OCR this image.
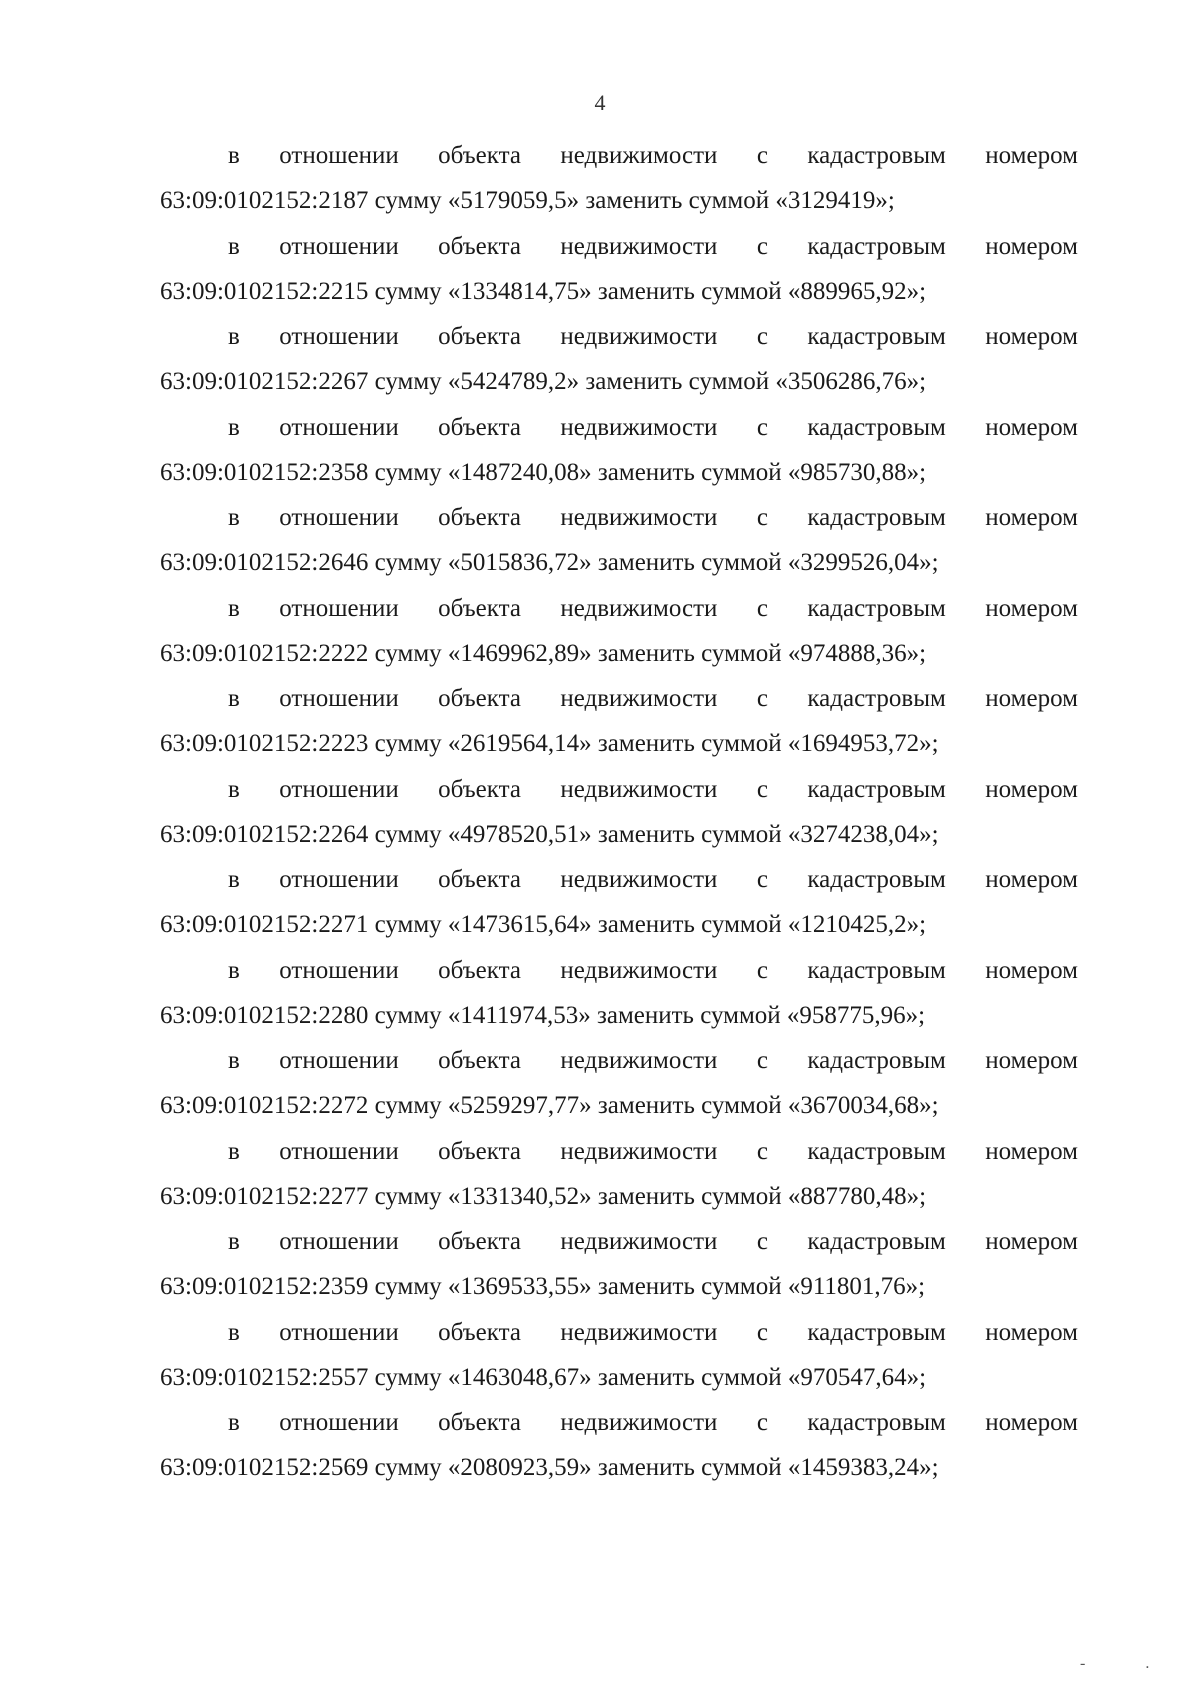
4
в отношении объекта недвижимости с кадастровым номером
63:09:0102152:2187 сумму «5179059,5» заменить суммой «3129419»;
в отношении объекта недвижимости с кадастровым номером
63:09:0102152:2215 сумму «1334814,75» заменить суммой «889965,92»;
в отношении объекта недвижимости с кадастровым номером
63:09:0102152:2267 сумму «5424789,2» заменить суммой «3506286,76»;
в отношении объекта недвижимости с кадастровым номером
63:09:0102152:2358 сумму «1487240,08» заменить суммой «985730,88»;
в отношении объекта недвижимости с кадастровым номером
63:09:0102152:2646 сумму «5015836,72» заменить суммой «3299526,04»;
в отношении объекта недвижимости с кадастровым номером
63:09:0102152:2222 сумму «1469962,89» заменить суммой «974888,36»;
в отношении объекта недвижимости с кадастровым номером
63:09:0102152:2223 сумму «2619564,14» заменить суммой «1694953,72»;
в отношении объекта недвижимости с кадастровым номером
63:09:0102152:2264 сумму «4978520,51» заменить суммой «3274238,04»;
в отношении объекта недвижимости с кадастровым номером
63:09:0102152:2271 сумму «1473615,64» заменить суммой «1210425,2»;
в отношении объекта недвижимости с кадастровым номером
63:09:0102152:2280 сумму «1411974,53» заменить суммой «958775,96»;
в отношении объекта недвижимости с кадастровым номером
63:09:0102152:2272 сумму «5259297,77» заменить суммой «3670034,68»;
в отношении объекта недвижимости с кадастровым номером
63:09:0102152:2277 сумму «1331340,52» заменить суммой «887780,48»;
в отношении объекта недвижимости с кадастровым номером
63:09:0102152:2359 сумму «1369533,55» заменить суммой «911801,76»;
в отношении объекта недвижимости с кадастровым номером
63:09:0102152:2557 сумму «1463048,67» заменить суммой «970547,64»;
в отношении объекта недвижимости с кадастровым номером
63:09:0102152:2569 сумму «2080923,59» заменить суммой «1459383,24»;
- .
